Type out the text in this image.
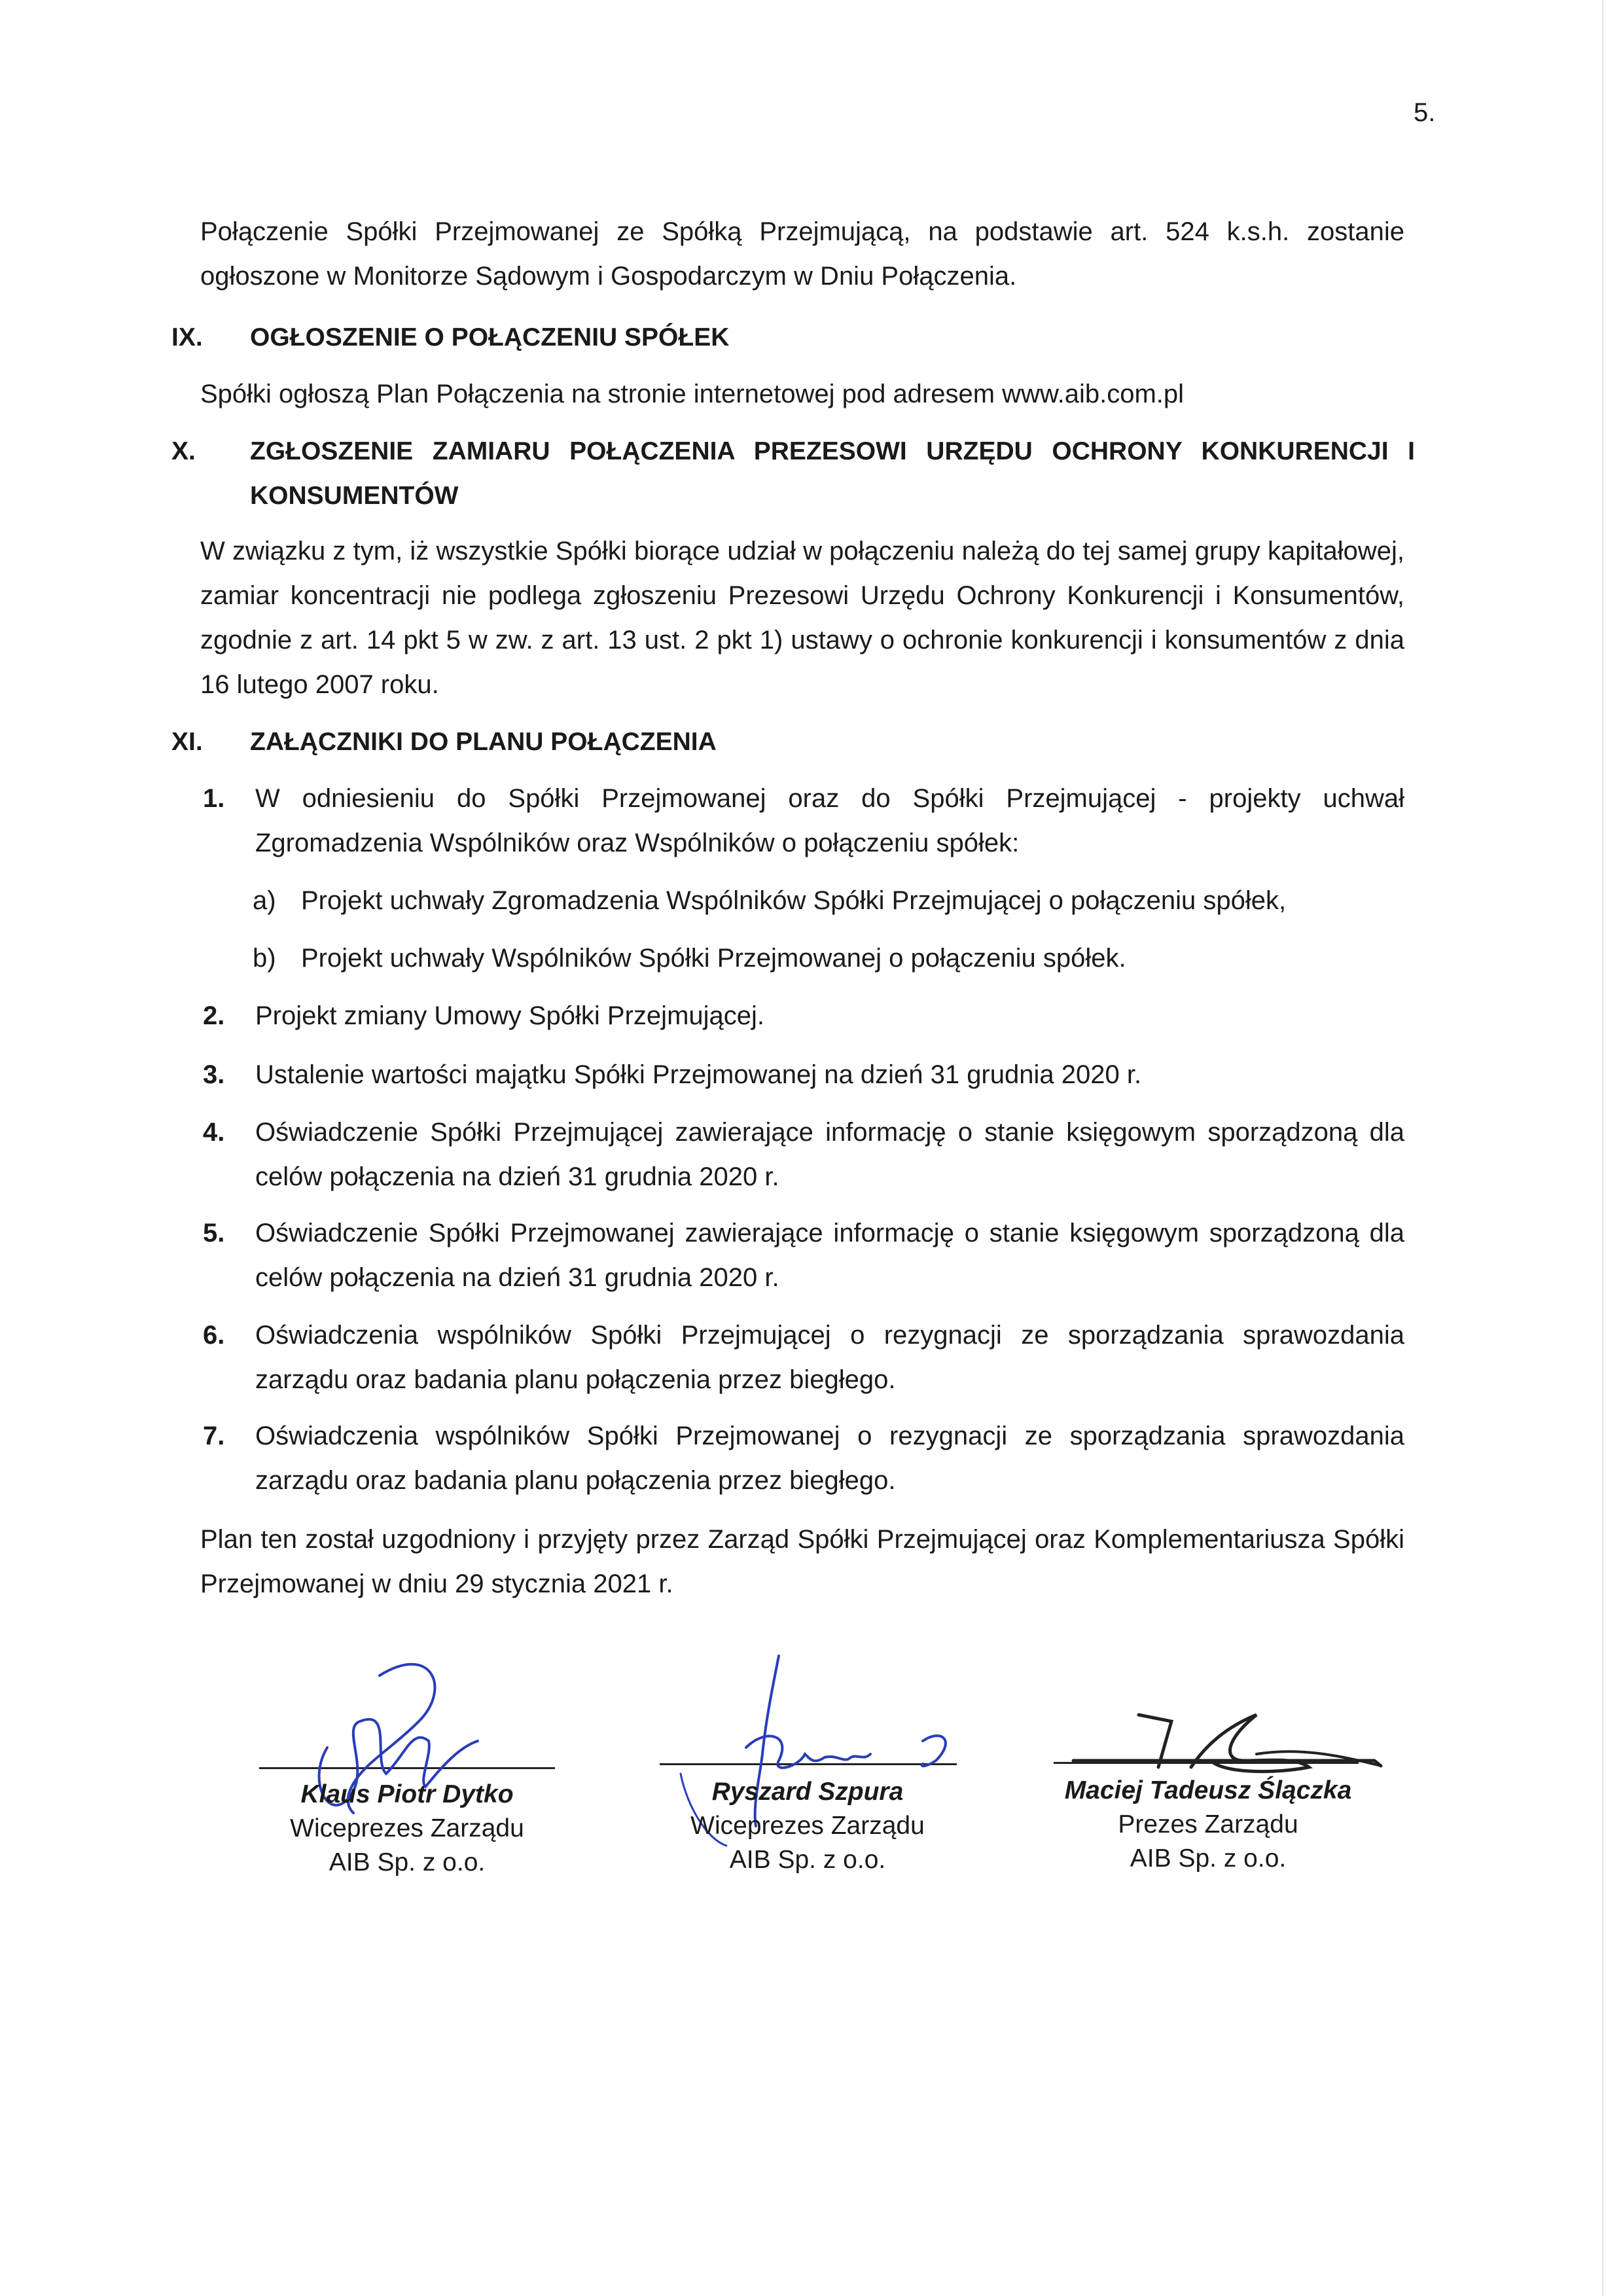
5.
Połączenie Spółki Przejmowanej ze Spółką Przejmującą, na podstawie art. 524 k.s.h. zostanie ogłoszone w Monitorze Sądowym i Gospodarczym w Dniu Połączenia.
IX. OGŁOSZENIE O POŁĄCZENIU SPÓŁEK
Spółki ogłoszą Plan Połączenia na stronie internetowej pod adresem www.aib.com.pl
X. ZGŁOSZENIE ZAMIARU POŁĄCZENIA PREZESOWI URZĘDU OCHRONY KONKURENCJI I KONSUMENTÓW
W związku z tym, iż wszystkie Spółki biorące udział w połączeniu należą do tej samej grupy kapitałowej, zamiar koncentracji nie podlega zgłoszeniu Prezesowi Urzędu Ochrony Konkurencji i Konsumentów, zgodnie z art. 14 pkt 5 w zw. z art. 13 ust. 2 pkt 1) ustawy o ochronie konkurencji i konsumentów z dnia 16 lutego 2007 roku.
XI. ZAŁĄCZNIKI DO PLANU POŁĄCZENIA
1. W odniesieniu do Spółki Przejmowanej oraz do Spółki Przejmującej - projekty uchwał Zgromadzenia Wspólników oraz Wspólników o połączeniu spółek:
a) Projekt uchwały Zgromadzenia Wspólników Spółki Przejmującej o połączeniu spółek,
b) Projekt uchwały Wspólników Spółki Przejmowanej o połączeniu spółek.
2. Projekt zmiany Umowy Spółki Przejmującej.
3. Ustalenie wartości majątku Spółki Przejmowanej na dzień 31 grudnia 2020 r.
4. Oświadczenie Spółki Przejmującej zawierające informację o stanie księgowym sporządzoną dla celów połączenia na dzień 31 grudnia 2020 r.
5. Oświadczenie Spółki Przejmowanej zawierające informację o stanie księgowym sporządzoną dla celów połączenia na dzień 31 grudnia 2020 r.
6. Oświadczenia wspólników Spółki Przejmującej o rezygnacji ze sporządzania sprawozdania zarządu oraz badania planu połączenia przez biegłego.
7. Oświadczenia wspólników Spółki Przejmowanej o rezygnacji ze sporządzania sprawozdania zarządu oraz badania planu połączenia przez biegłego.
Plan ten został uzgodniony i przyjęty przez Zarząd Spółki Przejmującej oraz Komplementariusza Spółki Przejmowanej w dniu 29 stycznia 2021 r.
Klaus Piotr Dytko
Wiceprezes Zarządu
AIB Sp. z o.o.
Ryszard Szpura
Wiceprezes Zarządu
AIB Sp. z o.o.
Maciej Tadeusz Ślączka
Prezes Zarządu
AIB Sp. z o.o.
